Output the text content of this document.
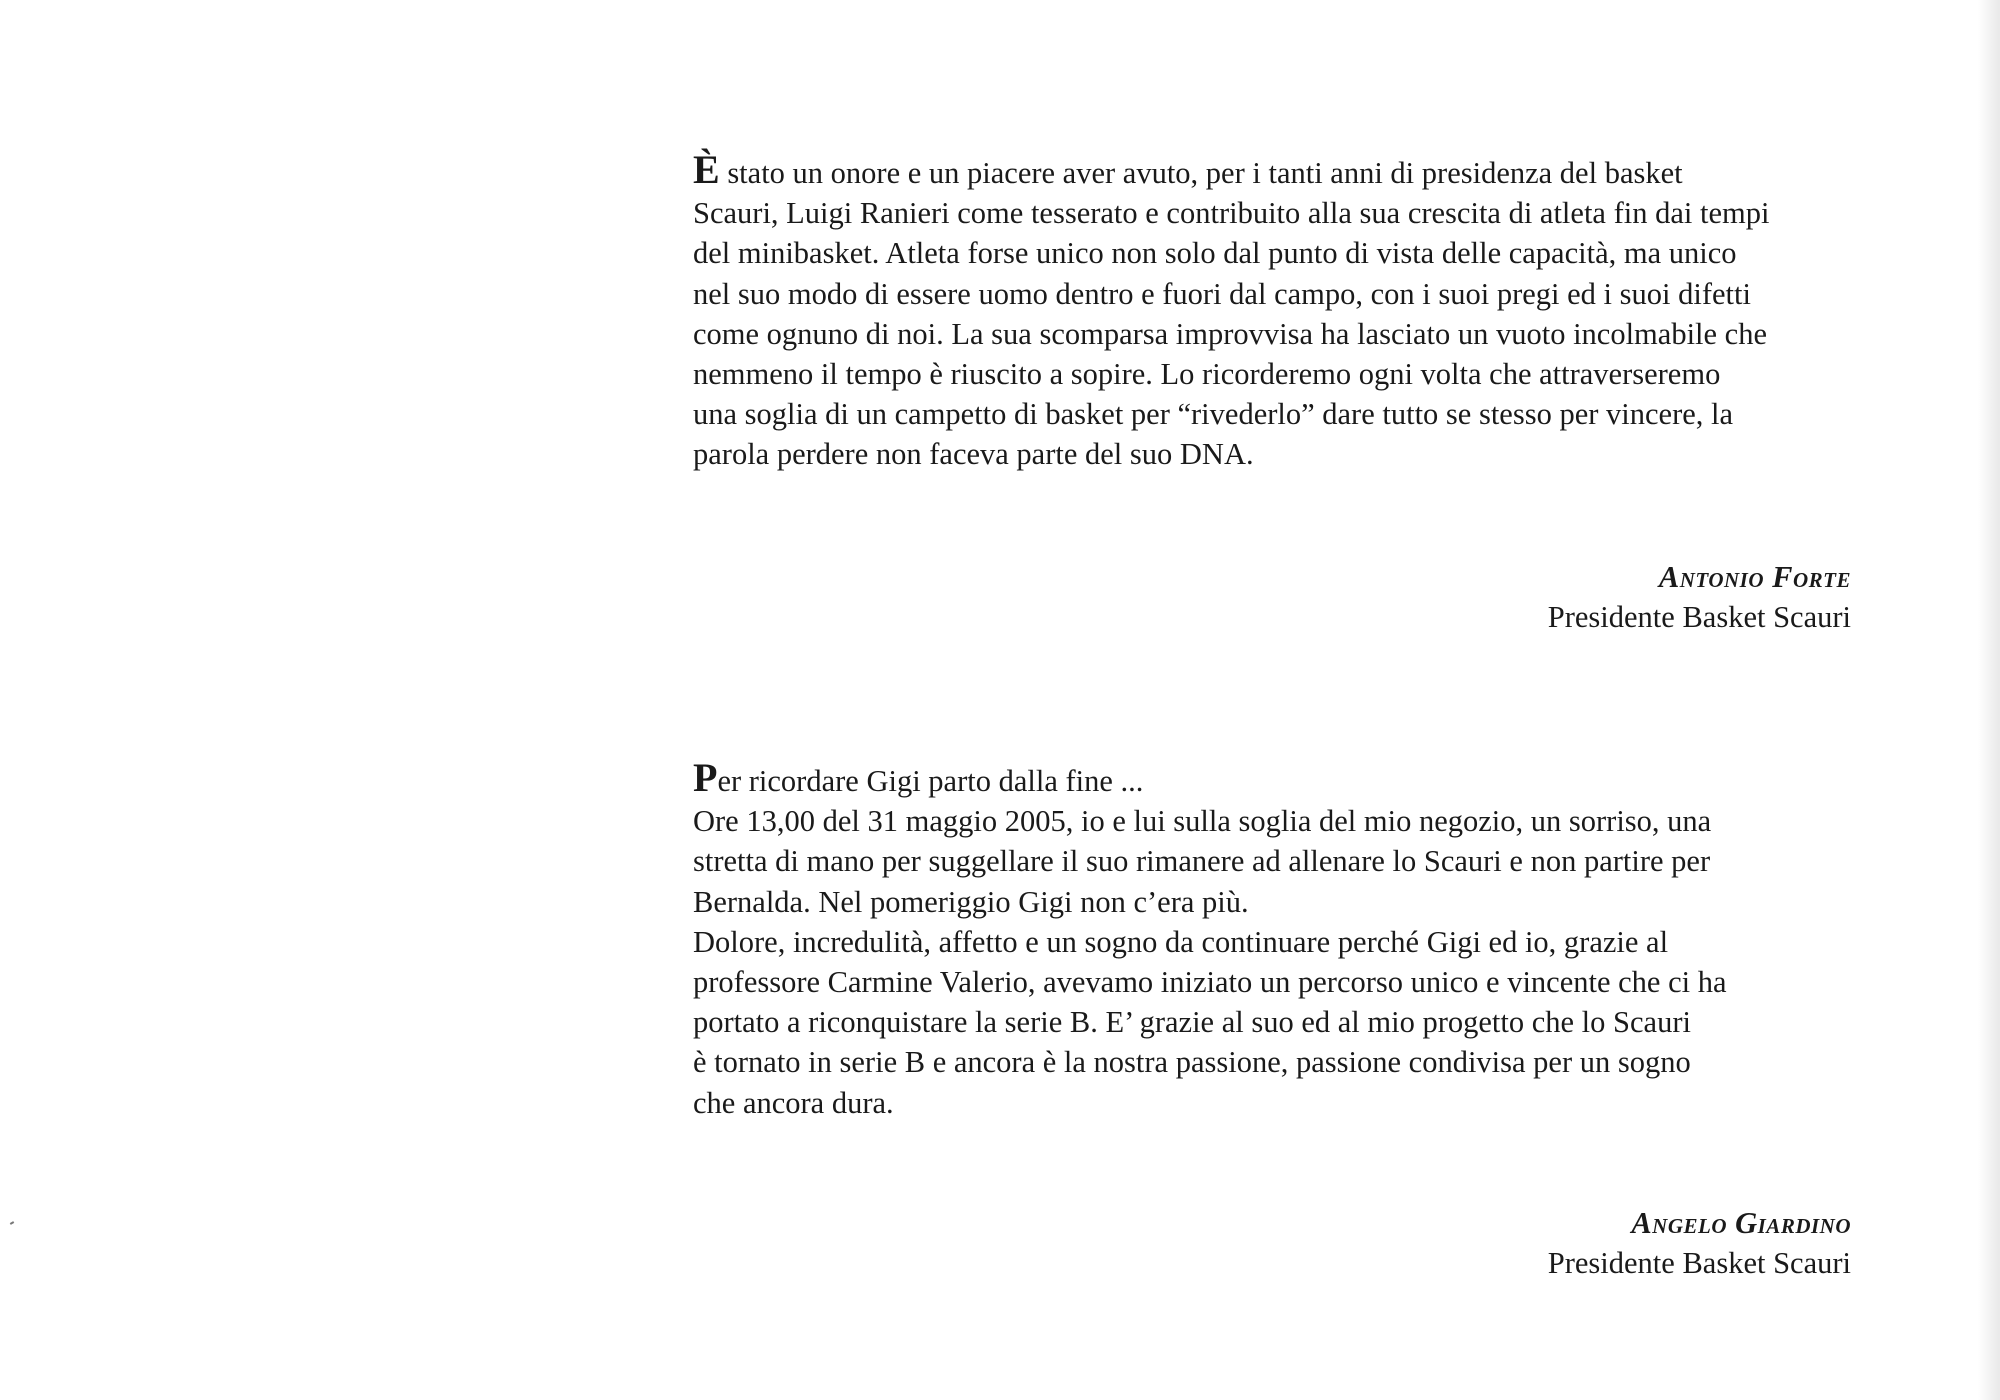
È stato un onore e un piacere aver avuto, per i tanti anni di presidenza del basket
Scauri, Luigi Ranieri come tesserato e contribuito alla sua crescita di atleta fin dai tempi
del minibasket. Atleta forse unico non solo dal punto di vista delle capacità, ma unico
nel suo modo di essere uomo dentro e fuori dal campo, con i suoi pregi ed i suoi difetti
come ognuno di noi. La sua scomparsa improvvisa ha lasciato un vuoto incolmabile che
nemmeno il tempo è riuscito a sopire. Lo ricorderemo ogni volta che attraverseremo
una soglia di un campetto di basket per “rivederlo” dare tutto se stesso per vincere, la
parola perdere non faceva parte del suo DNA.
Antonio Forte
Presidente Basket Scauri
Per ricordare Gigi parto dalla fine ...
Ore 13,00 del 31 maggio 2005, io e lui sulla soglia del mio negozio, un sorriso, una
stretta di mano per suggellare il suo rimanere ad allenare lo Scauri e non partire per
Bernalda. Nel pomeriggio Gigi non c’era più.
Dolore, incredulità, affetto e un sogno da continuare perché Gigi ed io, grazie al
professore Carmine Valerio, avevamo iniziato un percorso unico e vincente che ci ha
portato a riconquistare la serie B. E’ grazie al suo ed al mio progetto che lo Scauri
è tornato in serie B e ancora è la nostra passione, passione condivisa per un sogno
che ancora dura.
Angelo Giardino
Presidente Basket Scauri
